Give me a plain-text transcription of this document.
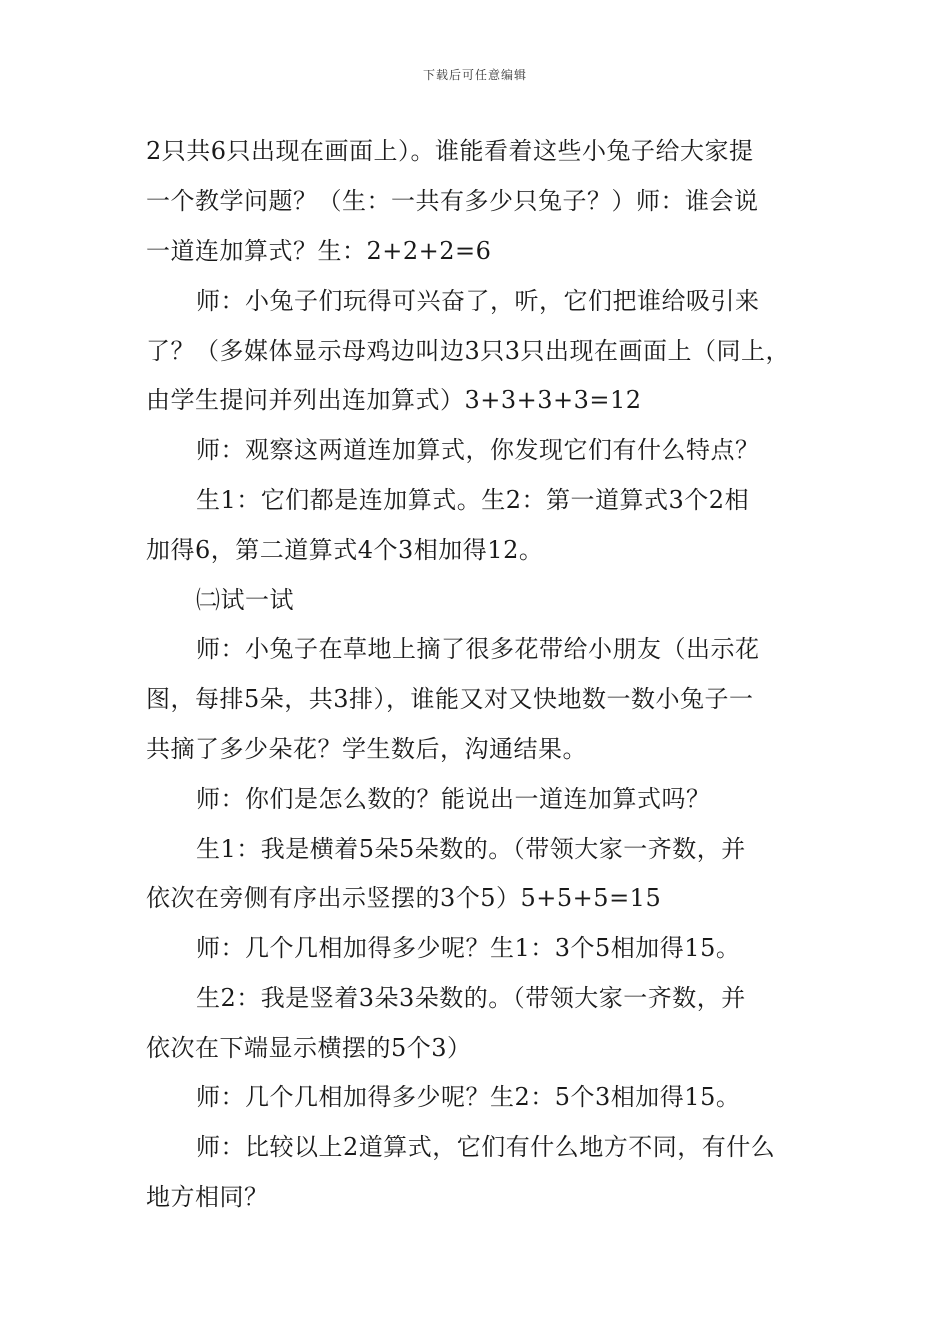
下载后可任意编辑
2只共6只出现在画面上）。谁能看着这些小兔子给大家提
一个教学问题？（生：一共有多少只兔子？）师：谁会说
一道连加算式？生：2+2+2=6
师：小兔子们玩得可兴奋了，听，它们把谁给吸引来
了？（多媒体显示母鸡边叫边3只3只出现在画面上（同上，
由学生提问并列出连加算式）3+3+3+3=12
师：观察这两道连加算式，你发现它们有什么特点？
生1：它们都是连加算式。生2：第一道算式3个2相
加得6，第二道算式4个3相加得12。
㈡试一试
师：小兔子在草地上摘了很多花带给小朋友（出示花
图，每排5朵，共3排），谁能又对又快地数一数小兔子一
共摘了多少朵花？学生数后，沟通结果。
师：你们是怎么数的？能说出一道连加算式吗？
生1：我是横着5朵5朵数的。（带领大家一齐数，并
依次在旁侧有序出示竖摆的3个5）5+5+5=15
师：几个几相加得多少呢？生1：3个5相加得15。
生2：我是竖着3朵3朵数的。（带领大家一齐数，并
依次在下端显示横摆的5个3）
师：几个几相加得多少呢？生2：5个3相加得15。
师：比较以上2道算式，它们有什么地方不同，有什么
地方相同？
